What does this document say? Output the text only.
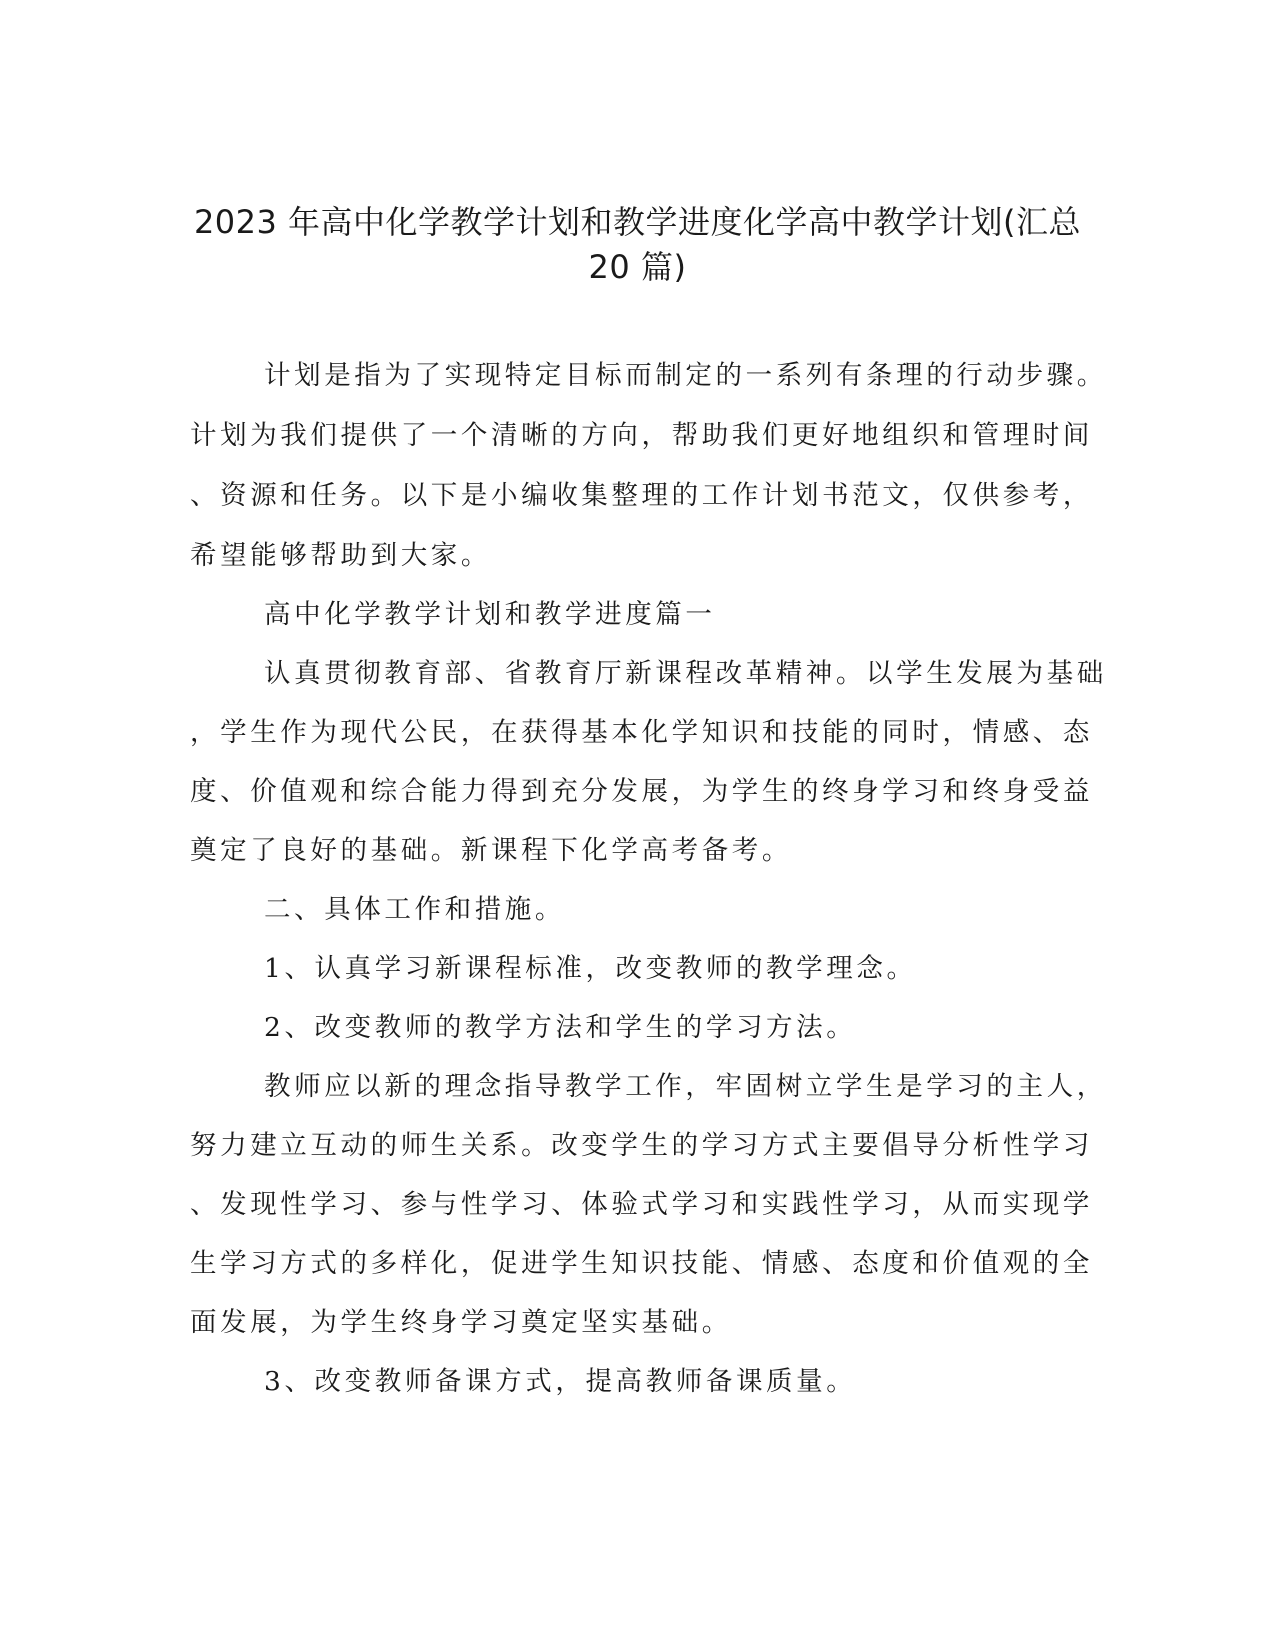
2023 年高中化学教学计划和教学进度化学高中教学计划(汇总
20 篇)
计划是指为了实现特定目标而制定的一系列有条理的行动步骤。
计划为我们提供了一个清晰的方向，帮助我们更好地组织和管理时间
、资源和任务。以下是小编收集整理的工作计划书范文，仅供参考，
希望能够帮助到大家。
高中化学教学计划和教学进度篇一
认真贯彻教育部、省教育厅新课程改革精神。以学生发展为基础
，学生作为现代公民，在获得基本化学知识和技能的同时，情感、态
度、价值观和综合能力得到充分发展，为学生的终身学习和终身受益
奠定了良好的基础。新课程下化学高考备考。
二、具体工作和措施。
1、认真学习新课程标准，改变教师的教学理念。
2、改变教师的教学方法和学生的学习方法。
教师应以新的理念指导教学工作，牢固树立学生是学习的主人，
努力建立互动的师生关系。改变学生的学习方式主要倡导分析性学习
、发现性学习、参与性学习、体验式学习和实践性学习，从而实现学
生学习方式的多样化，促进学生知识技能、情感、态度和价值观的全
面发展，为学生终身学习奠定坚实基础。
3、改变教师备课方式，提高教师备课质量。
